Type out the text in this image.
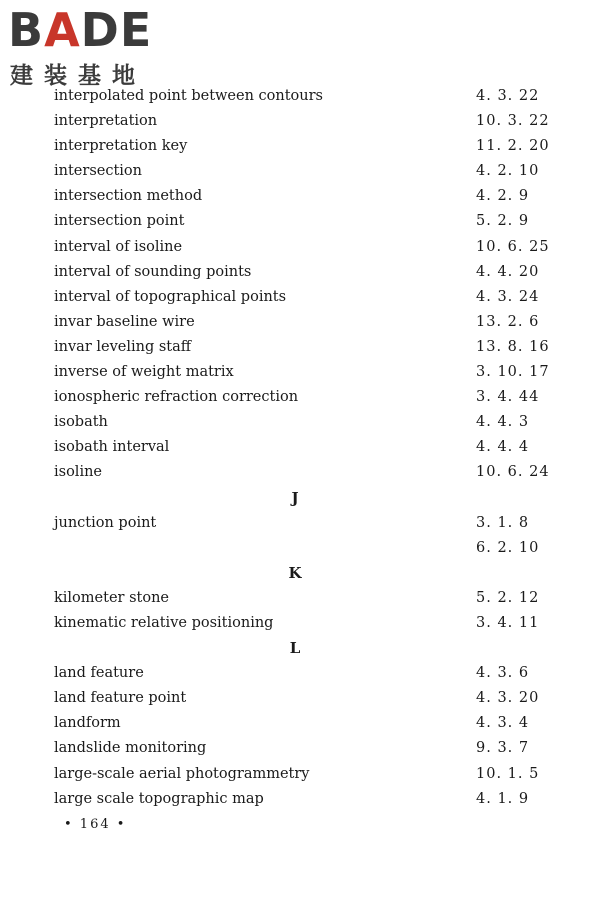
BADE
建装基地
interpolated point between contours	4. 3. 22
interpretation	10. 3. 22
interpretation key	11. 2. 20
intersection	4. 2. 10
intersection method	4. 2. 9
intersection point	5. 2. 9
interval of isoline	10. 6. 25
interval of sounding points	4. 4. 20
interval of topographical points	4. 3. 24
invar baseline wire	13. 2. 6
invar leveling staff	13. 8. 16
inverse of weight matrix	3. 10. 17
ionospheric refraction correction	3. 4. 44
isobath	4. 4. 3
isobath interval	4. 4. 4
isoline	10. 6. 24
J
junction point	3. 1. 8
6. 2. 10
K
kilometer stone	5. 2. 12
kinematic relative positioning	3. 4. 11
L
land feature	4. 3. 6
land feature point	4. 3. 20
landform	4. 3. 4
landslide monitoring	9. 3. 7
large-scale aerial photogrammetry	10. 1. 5
large scale topographic map	4. 1. 9
• 164 •
